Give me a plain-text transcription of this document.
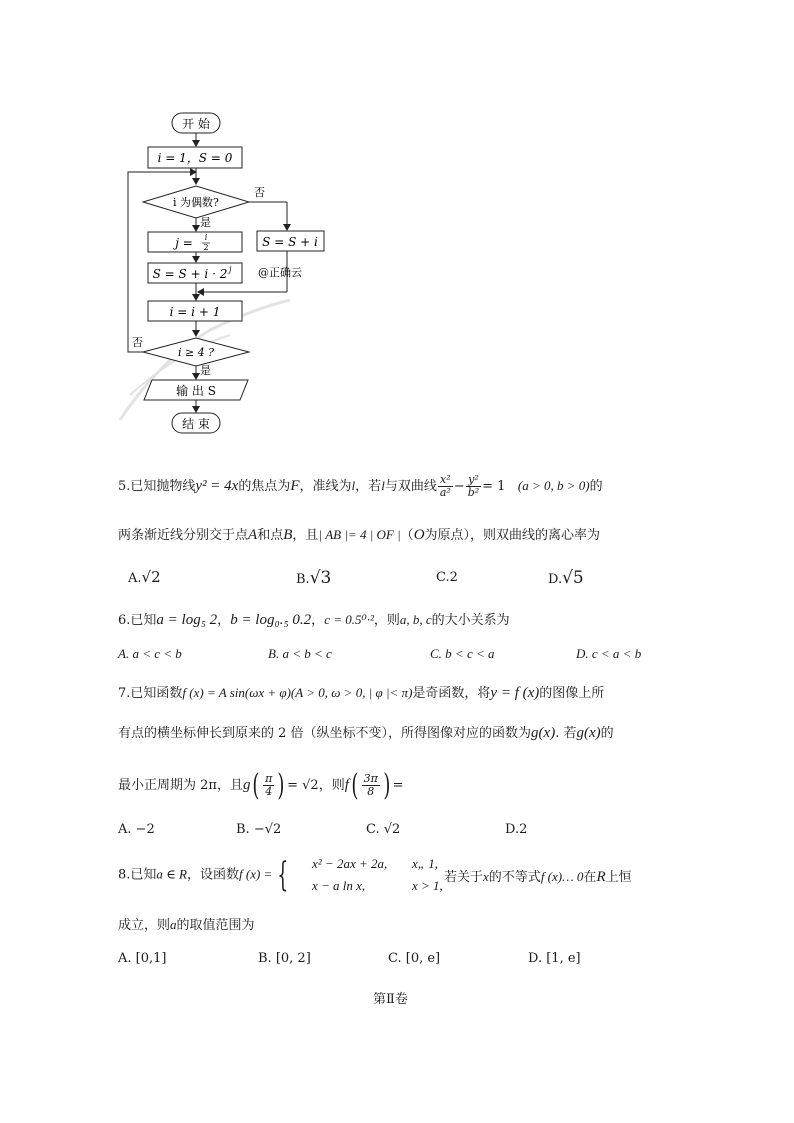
开 始
i = 1，S = 0
i 为偶数?
否
是
j = i
2
S = S + i · 2 j
S = S + i
@正确云
i = i + 1
i ≥ 4 ?
否
是
输 出 S
结 束
5.已知抛物线y² = 4x的焦点为F，准线为l，若l与双曲线 $\frac{\text{x²}}{\text{a²}} - \frac{\text{y²}}{\text{b²}} = 1$ (a > 0, b > 0)的
两条渐近线分别交于点A和点B，且| AB |= 4 | OF |（O为原点），则双曲线的离心率为
A.√2	B.√3	C.2	D.√5
6.已知a = log₅ 2，b = log₀.₅ 0.2，c = 0.5⁰·²，则a, b, c的大小关系为
A. a < c < b	B. a < b < c	C. b < c < a	D. c < a < b
7.已知函数f (x) = A sin(ωx + φ)(A > 0, ω > 0, | φ |< π)是奇函数，将y = f (x)的图像上所
有点的横坐标伸长到原来的 2 倍（纵坐标不变），所得图像对应的函数为g(x). 若g(x)的
最小正周期为 2π，且$g( \frac{\pi}{4}$ ) = √2，则$f( \frac{3\pi}{8}$ ) =
A. −2	B. −√2	C. √2	D.2
8.已知a ∈ R，设函数f (x) = {	x² − 2ax + 2a, x„ 1,
x − a ln x,	x > 1,
若关于x的不等式f (x)… 0在R上恒
成立，则a的取值范围为
A. [0,1]	B. [0, 2]	C. [0, e]	D. [1, e]
第Ⅱ卷
